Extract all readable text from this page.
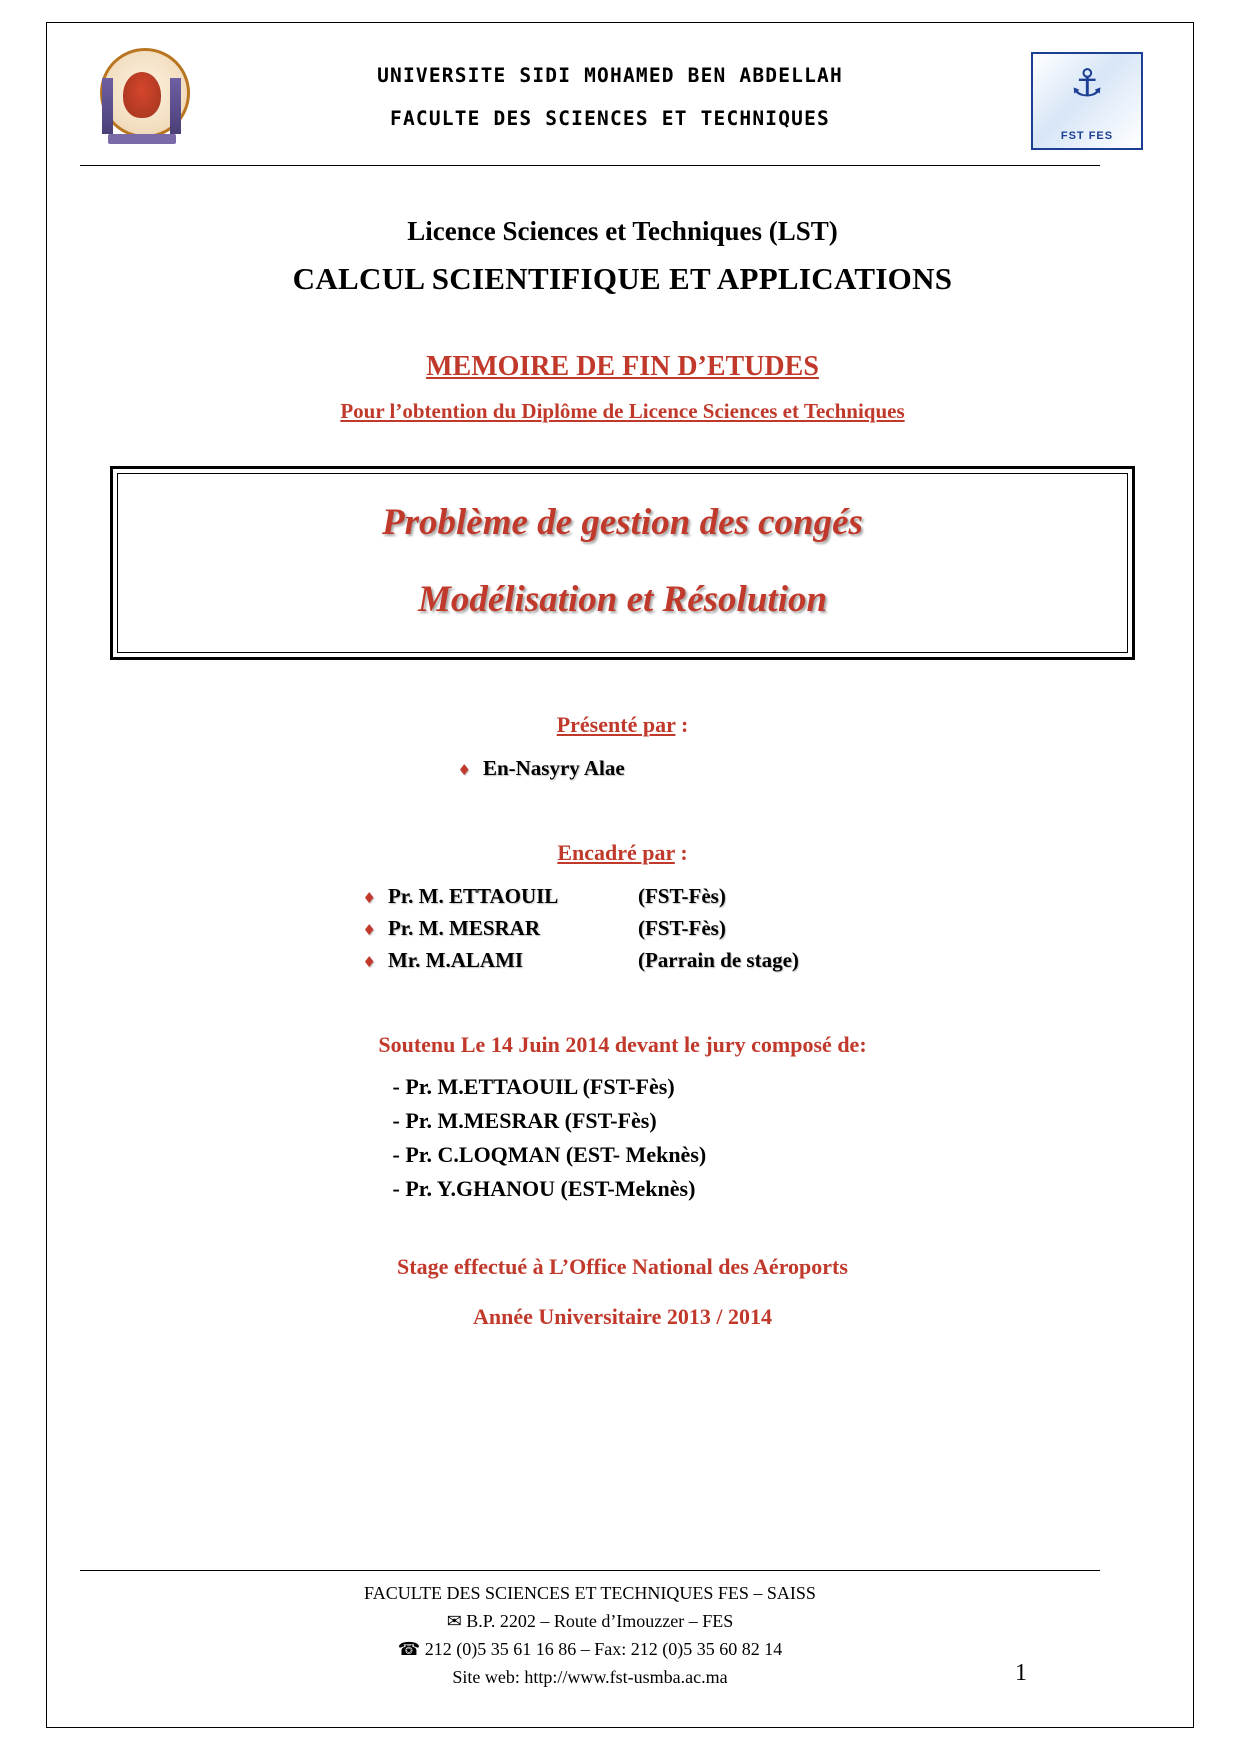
UNIVERSITE SIDI MOHAMED BEN ABDELLAH
FACULTE DES SCIENCES ET TECHNIQUES
⚓
FST FES
Licence Sciences et Techniques (LST)
CALCUL SCIENTIFIQUE ET APPLICATIONS
MEMOIRE DE FIN D’ETUDES
Pour l’obtention du Diplôme de Licence Sciences et Techniques
Problème de gestion des congés
Modélisation et Résolution
Présenté par :
♦ En-Nasyry Alae
Encadré par :
♦ Pr. M. ETTAOUIL	(FST-Fès)
♦ Pr. M. MESRAR	(FST-Fès)
♦ Mr. M.ALAMI	(Parrain de stage)
Soutenu Le 14 Juin 2014 devant le jury composé de:
- Pr. M.ETTAOUIL (FST-Fès)
- Pr. M.MESRAR (FST-Fès)
- Pr. C.LOQMAN (EST- Meknès)
- Pr. Y.GHANOU (EST-Meknès)
Stage effectué à L’Office National des Aéroports
Année Universitaire 2013 / 2014
FACULTE DES SCIENCES ET TECHNIQUES FES – SAISS
✉ B.P. 2202 – Route d’Imouzzer – FES
☎ 212 (0)5 35 61 16 86 – Fax: 212 (0)5 35 60 82 14
Site web: http://www.fst-usmba.ac.ma	1
